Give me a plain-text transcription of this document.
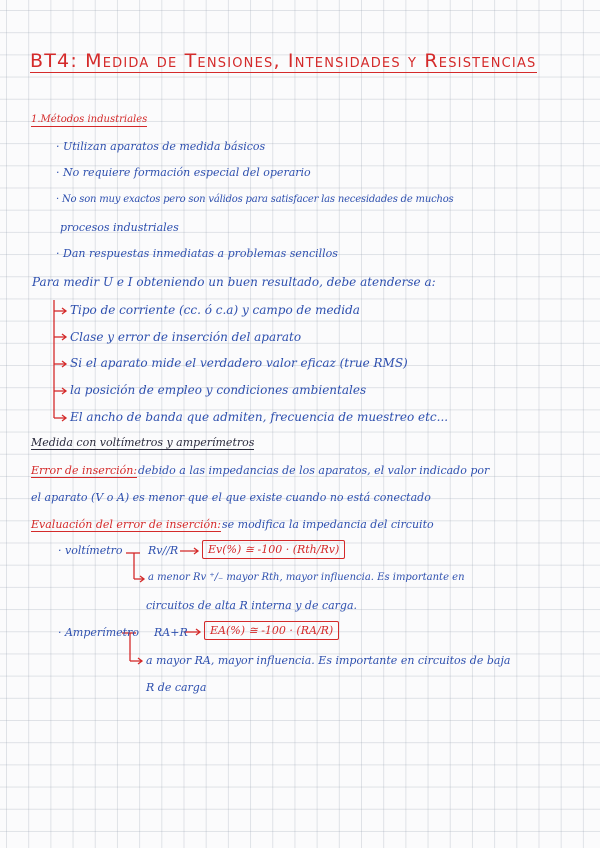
BT4: Medida de Tensiones, Intensidades y Resistencias
1.Métodos industriales
· Utilizan aparatos de medida básicos
· No requiere formación especial del operario
· No son muy exactos pero son válidos para satisfacer las necesidades de muchos
procesos industriales
· Dan respuestas inmediatas a problemas sencillos
Para medir U e I obteniendo un buen resultado, debe atenderse a:
Tipo de corriente (cc. ó c.a) y campo de medida
Clase y error de inserción del aparato
Si el aparato mide el verdadero valor eficaz (true RMS)
la posición de empleo y condiciones ambientales
El ancho de banda que admiten, frecuencia de muestreo etc...
Medida con voltímetros y amperímetros
Error de inserción: debido a las impedancias de los aparatos, el valor indicado por
el aparato (V o A) es menor que el que existe cuando no está conectado
Evaluación del error de inserción: se modifica la impedancia del circuito
· voltímetro Rv//R	Ev(%) ≅ -100 · (Rth/Rv)
a menor Rv ⁺/₋ mayor Rth, mayor influencia. Es importante en
circuitos de alta R interna y de carga.
· Amperímetro RA+R	EA(%) ≅ -100 · (RA/R)
a mayor RA, mayor influencia. Es importante en circuitos de baja
R de carga
